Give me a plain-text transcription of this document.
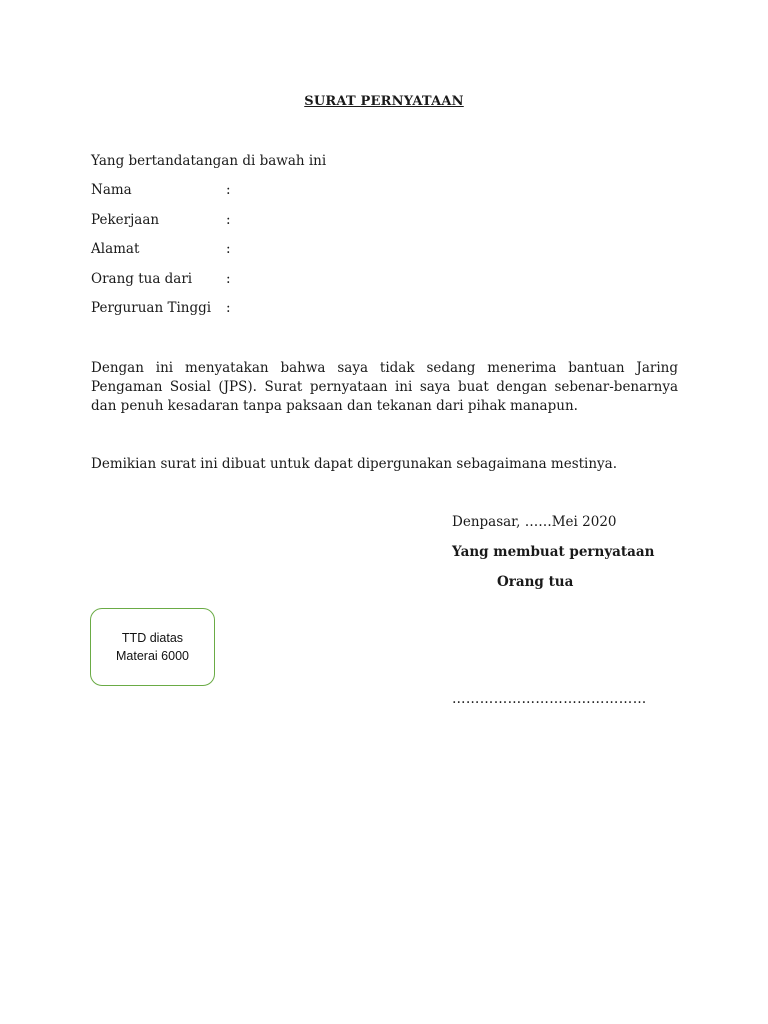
SURAT PERNYATAAN
Yang bertandatangan di bawah ini
Nama	:
Pekerjaan	:
Alamat	:
Orang tua dari	:
Perguruan Tinggi :
Dengan ini menyatakan bahwa saya tidak sedang menerima bantuan Jaring Pengaman Sosial (JPS). Surat pernyataan ini saya buat dengan sebenar-benarnya dan penuh kesadaran tanpa paksaan dan tekanan dari pihak manapun.
Demikian surat ini dibuat untuk dapat dipergunakan sebagaimana mestinya.
Denpasar, ……Mei 2020
Yang membuat pernyataan
Orang tua
……………………………………
TTD diatas
Materai 6000
